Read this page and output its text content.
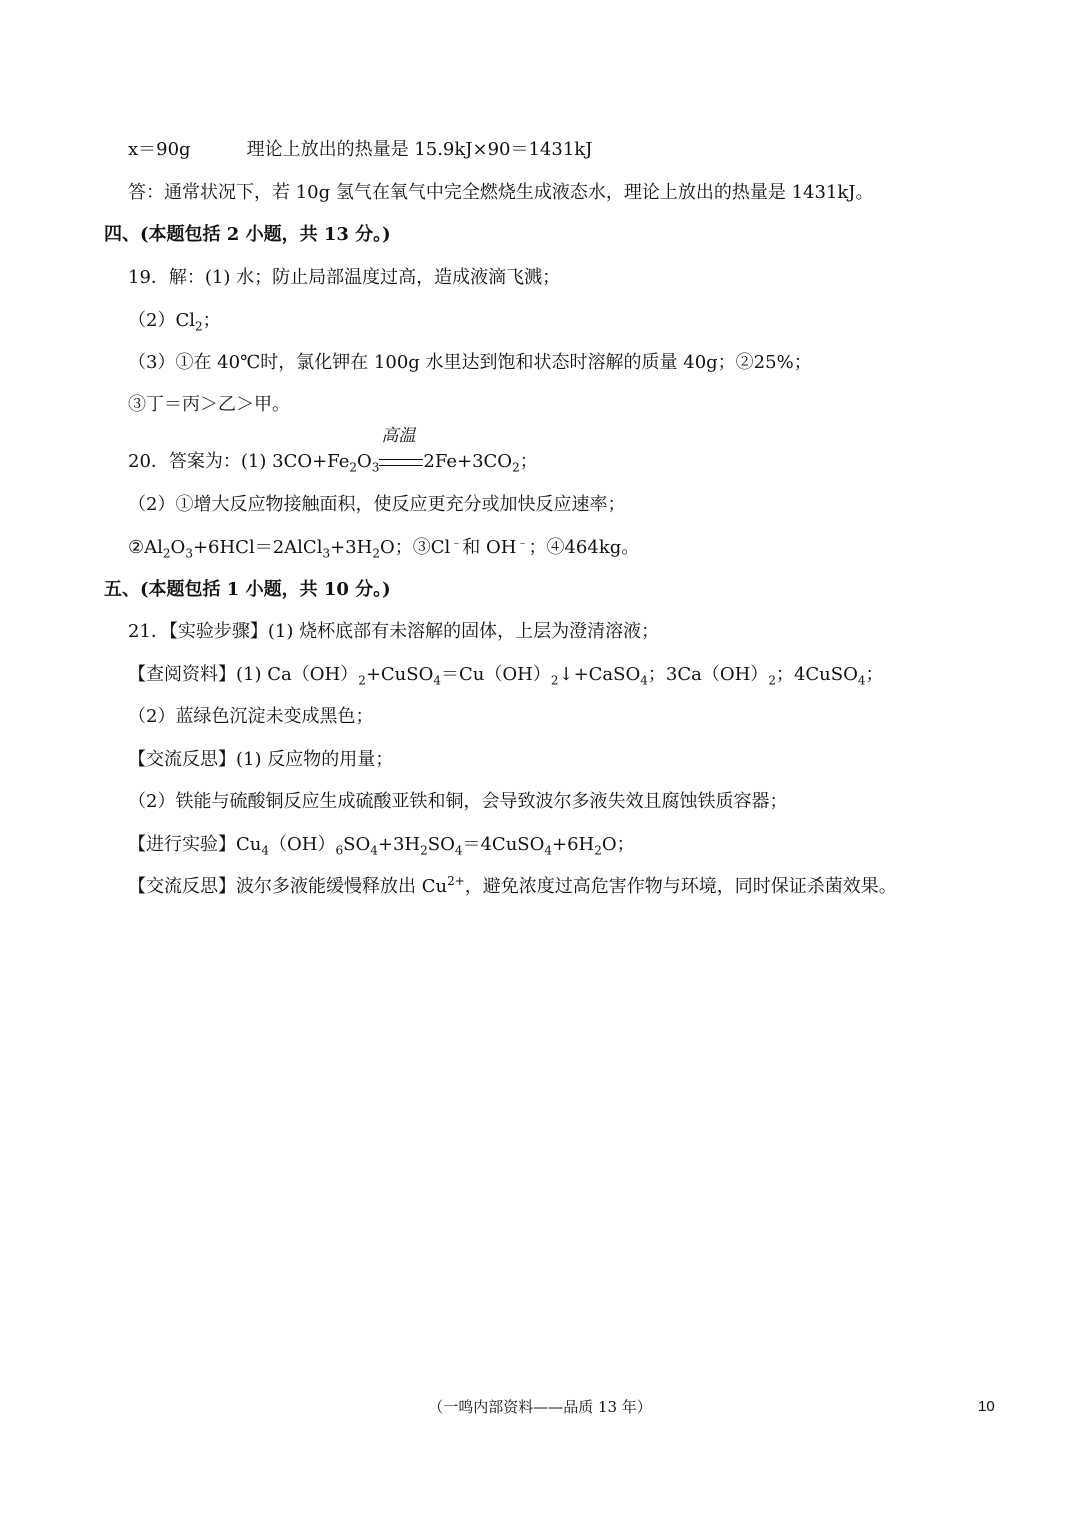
x＝90g	理论上放出的热量是 15.9kJ×90＝1431kJ
答：通常状况下，若 10g 氢气在氧气中完全燃烧生成液态水，理论上放出的热量是 1431kJ。
四、(本题包括 2 小题，共 13 分。)
19．解：(1) 水；防止局部温度过高，造成液滴飞溅；
$(2)Cl_2$；
（3）①在 40℃时，氯化钾在 100g 水里达到饱和状态时溶解的质量 40g；②25%；
③丁＝丙＞乙＞甲。
20．答案为：(1) $3CO+Fe_2O_3$
高温
$2Fe+3CO_2$；
（2）①增大反应物接触面积，使反应更充分或加快反应速率；
$②Al_2O_3+6HCl=2AlCl_3+3H_2O$；③Cl﹣和 OH﹣；④464kg。
五、(本题包括 1 小题，共 10 分。)
21．【实验步骤】(1) 烧杯底部有未溶解的固体，上层为澄清溶液；
【查阅资料】(1) $Ca(OH)_2+CuSO_4=Cu(OH)_2↓+CaSO_4$；$3Ca(OH)_2$；4CuSO$_4$；
（2）蓝绿色沉淀未变成黑色；
【交流反思】(1) 反应物的用量；
（2）铁能与硫酸铜反应生成硫酸亚铁和铜，会导致波尔多液失效且腐蚀铁质容器；
【进行实验】$Cu_4(OH)_6SO_4+3H_2SO_4=4CuSO_4+6H_2O$；
【交流反思】波尔多液能缓慢释放出 $Cu^{2+}$，避免浓度过高危害作物与环境，同时保证杀菌效果。
（一鸣内部资料——品质 13 年）	10
